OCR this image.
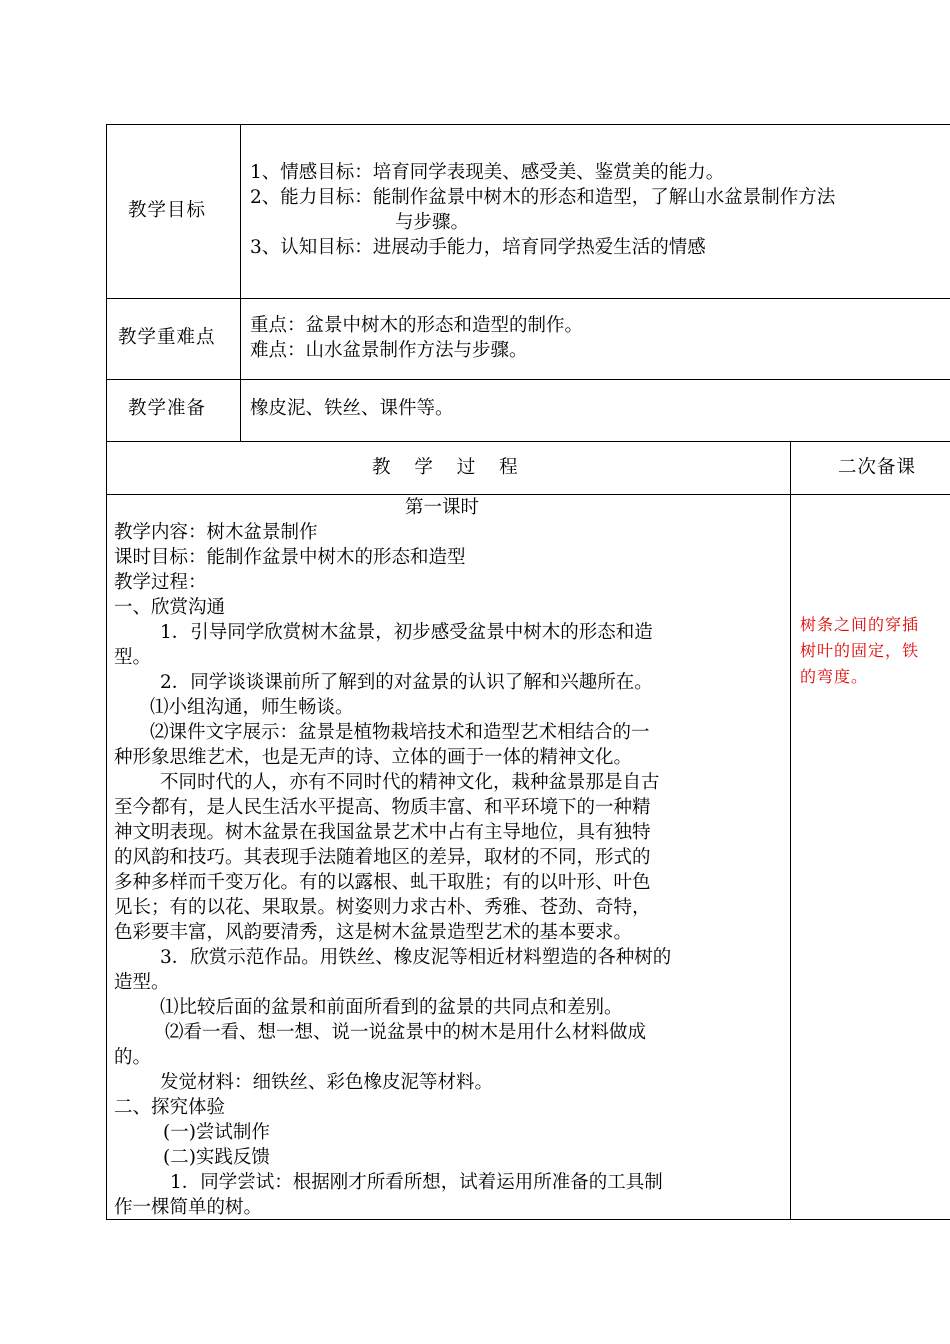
教学目标
1、情感目标：培育同学表现美、感受美、鉴赏美的能力。
2、能力目标：能制作盆景中树木的形态和造型，了解山水盆景制作方法
与步骤。
3、认知目标：进展动手能力，培育同学热爱生活的情感
教学重难点
重点：盆景中树木的形态和造型的制作。
难点：山水盆景制作方法与步骤。
教学准备 橡皮泥、铁丝、课件等。
教 学 过 程	二次备课
第一课时
教学内容：树木盆景制作
课时目标：能制作盆景中树木的形态和造型
教学过程：
一、欣赏沟通
1．引导同学欣赏树木盆景，初步感受盆景中树木的形态和造
型。
2．同学谈谈课前所了解到的对盆景的认识了解和兴趣所在。
⑴小组沟通，师生畅谈。
⑵课件文字展示：盆景是植物栽培技术和造型艺术相结合的一
种形象思维艺术，也是无声的诗、立体的画于一体的精神文化。
不同时代的人，亦有不同时代的精神文化，栽种盆景那是自古
至今都有，是人民生活水平提高、物质丰富、和平环境下的一种精
神文明表现。树木盆景在我国盆景艺术中占有主导地位，具有独特
的风韵和技巧。其表现手法随着地区的差异，取材的不同，形式的
多种多样而千变万化。有的以露根、虬干取胜；有的以叶形、叶色
见长；有的以花、果取景。树姿则力求古朴、秀雅、苍劲、奇特，
色彩要丰富，风韵要清秀，这是树木盆景造型艺术的基本要求。
3．欣赏示范作品。用铁丝、橡皮泥等相近材料塑造的各种树的
造型。
⑴比较后面的盆景和前面所看到的盆景的共同点和差别。
⑵看一看、想一想、说一说盆景中的树木是用什么材料做成
的。
发觉材料：细铁丝、彩色橡皮泥等材料。
二、探究体验
(一)尝试制作
(二)实践反馈
1．同学尝试：根据刚才所看所想，试着运用所准备的工具制
作一棵简单的树。
树条之间的穿插
树叶的固定，铁
的弯度。
